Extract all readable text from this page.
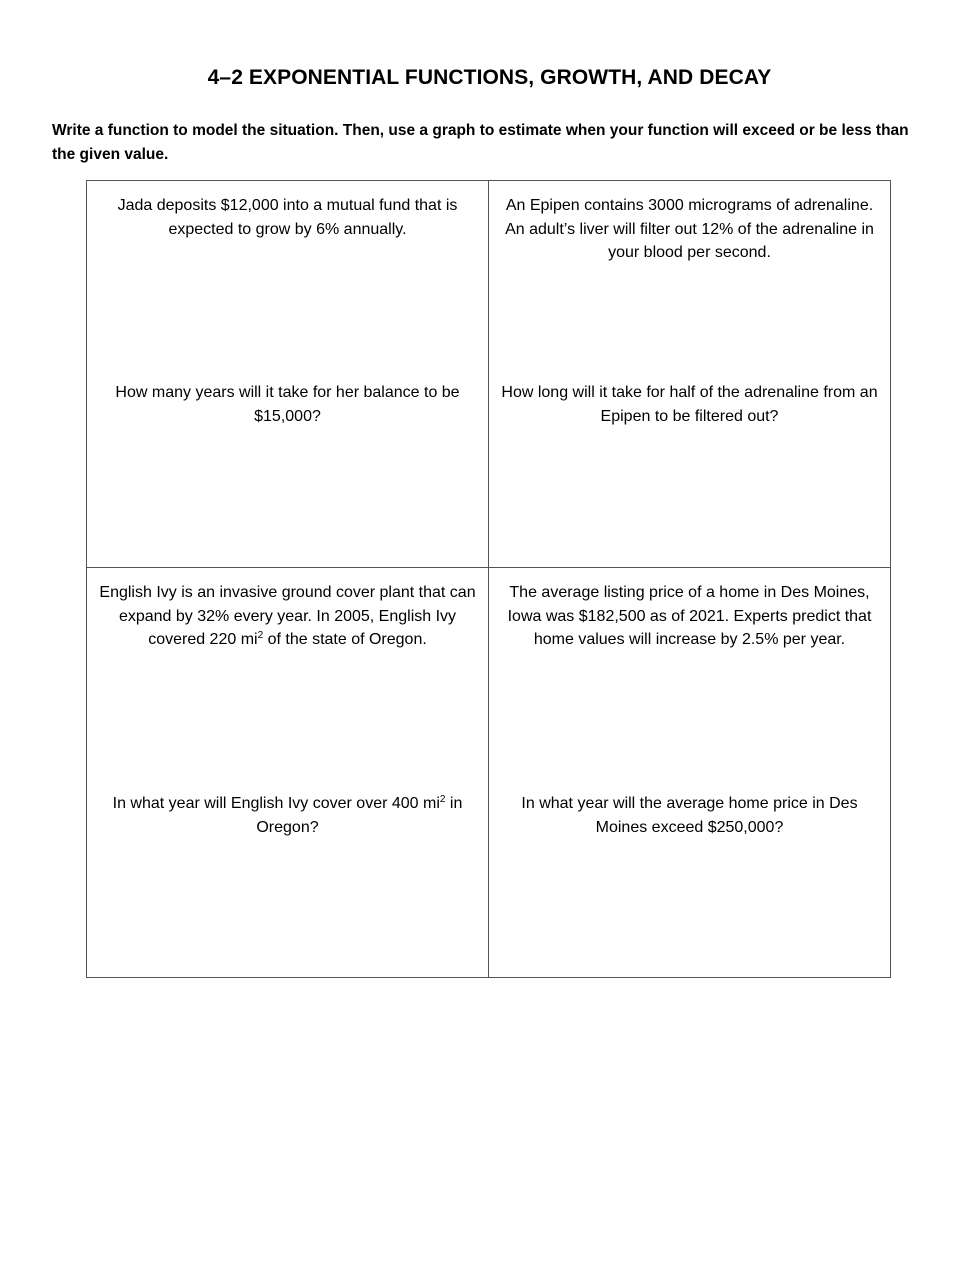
4–2 EXPONENTIAL FUNCTIONS, GROWTH, AND DECAY

Write a function to model the situation. Then, use a graph to estimate when your function will exceed or be less than the given value.

Jada deposits $12,000 into a mutual fund that is expected to grow by 6% annually.

How many years will it take for her balance to be $15,000?

An Epipen contains 3000 micrograms of adrenaline. An adult’s liver will filter out 12% of the adrenaline in your blood per second.

How long will it take for half of the adrenaline from an Epipen to be filtered out?

English Ivy is an invasive ground cover plant that can expand by 32% every year. In 2005, English Ivy covered 220 $mi^2$ of the state of Oregon.

In what year will English Ivy cover over 400 $mi^2$ in Oregon?

The average listing price of a home in Des Moines, Iowa was $182,500 as of 2021. Experts predict that home values will increase by 2.5% per year.

In what year will the average home price in Des Moines exceed $250,000?
